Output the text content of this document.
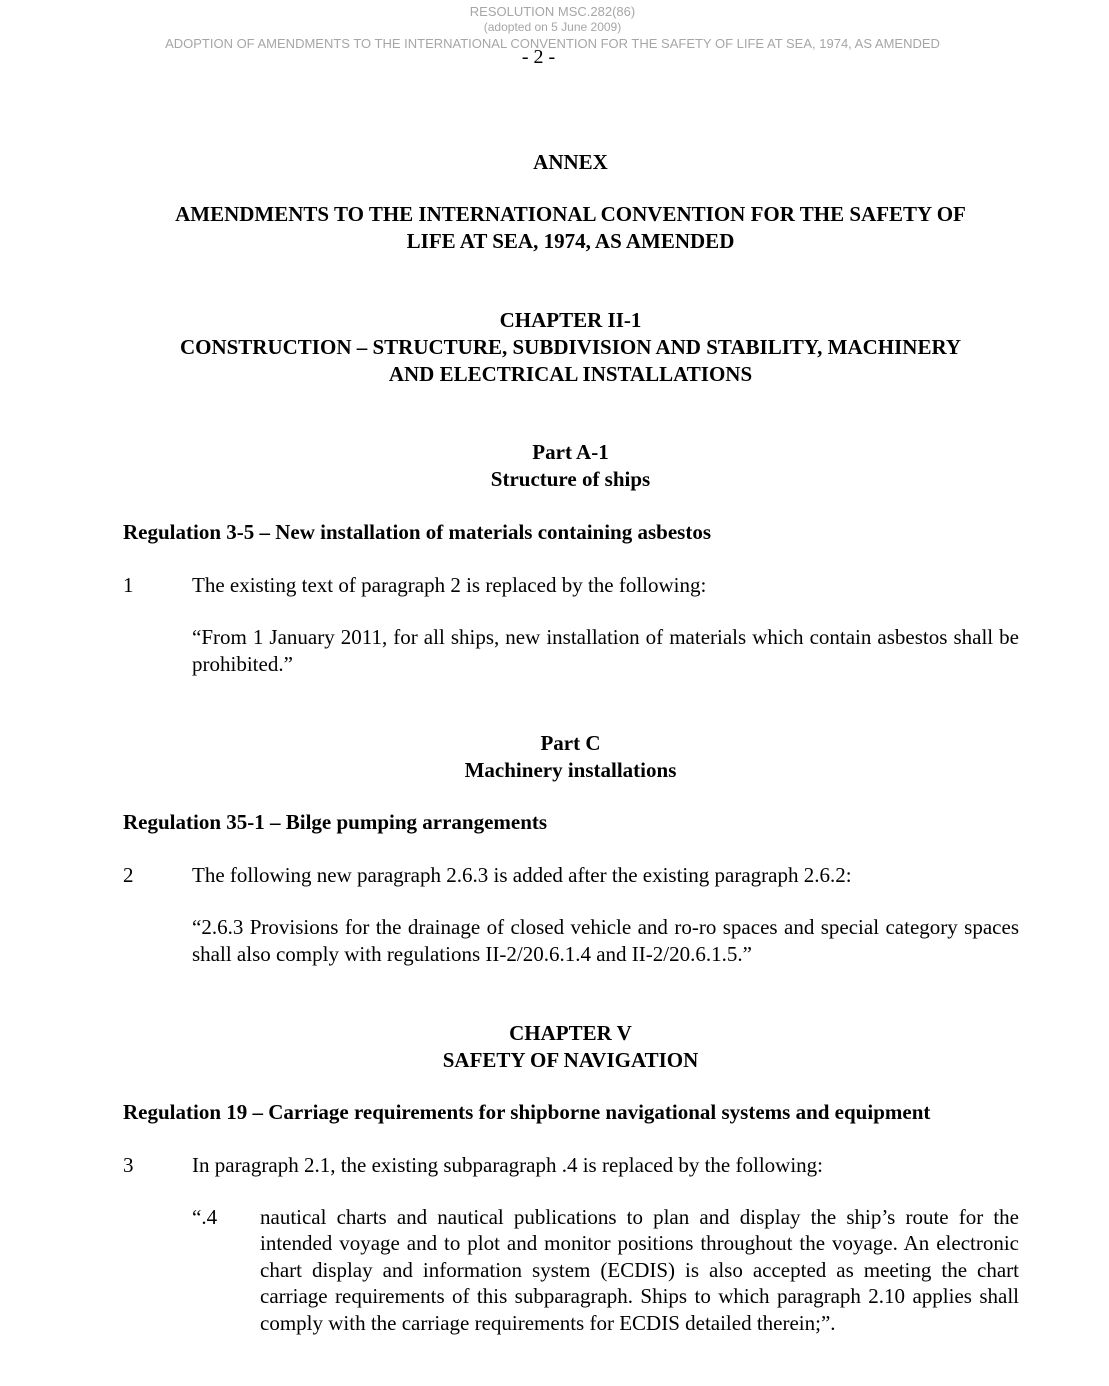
RESOLUTION MSC.282(86)
(adopted on 5 June 2009)
ADOPTION OF AMENDMENTS TO THE INTERNATIONAL CONVENTION FOR THE SAFETY OF LIFE AT SEA, 1974, AS AMENDED
- 2 -
ANNEX
AMENDMENTS TO THE INTERNATIONAL CONVENTION FOR THE SAFETY OF
LIFE AT SEA, 1974, AS AMENDED
CHAPTER II-1
CONSTRUCTION – STRUCTURE, SUBDIVISION AND STABILITY, MACHINERY
AND ELECTRICAL INSTALLATIONS
Part A-1
Structure of ships
Regulation 3-5 – New installation of materials containing asbestos
1	The existing text of paragraph 2 is replaced by the following:
“From 1 January 2011, for all ships, new installation of materials which contain asbestos shall be prohibited.”
Part C
Machinery installations
Regulation 35-1 – Bilge pumping arrangements
2	The following new paragraph 2.6.3 is added after the existing paragraph 2.6.2:
“2.6.3 Provisions for the drainage of closed vehicle and ro-ro spaces and special category spaces shall also comply with regulations II-2/20.6.1.4 and II-2/20.6.1.5.”
CHAPTER V
SAFETY OF NAVIGATION
Regulation 19 – Carriage requirements for shipborne navigational systems and equipment
3	In paragraph 2.1, the existing subparagraph .4 is replaced by the following:
“.4 nautical charts and nautical publications to plan and display the ship’s route for the intended voyage and to plot and monitor positions throughout the voyage. An electronic chart display and information system (ECDIS) is also accepted as meeting the chart carriage requirements of this subparagraph. Ships to which paragraph 2.10 applies shall comply with the carriage requirements for ECDIS detailed therein;”.
